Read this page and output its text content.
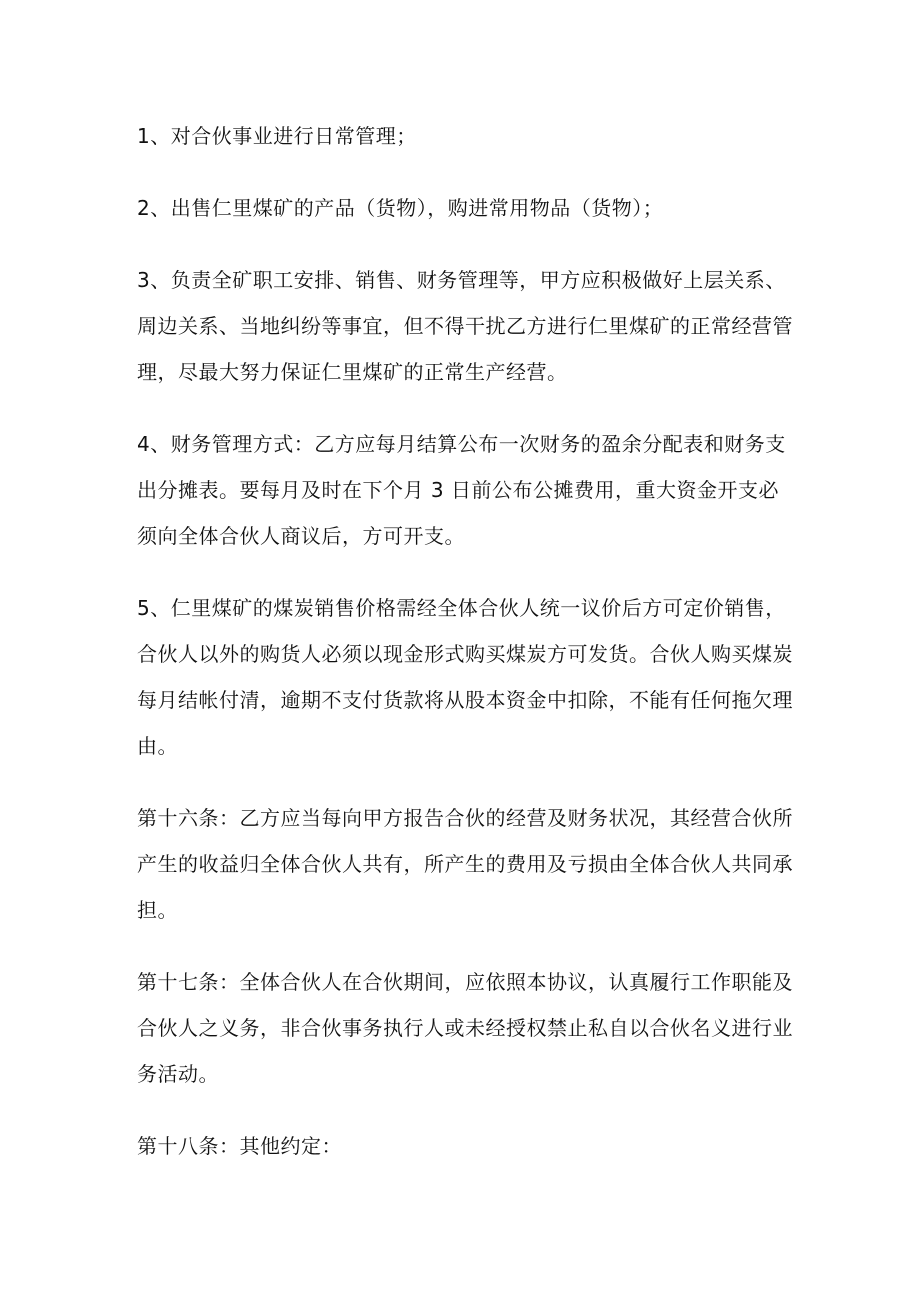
1、对合伙事业进行日常管理；

2、出售仁里煤矿的产品（货物），购进常用物品（货物）；

3、负责全矿职工安排、销售、财务管理等，甲方应积极做好上层关系、周边关系、当地纠纷等事宜，但不得干扰乙方进行仁里煤矿的正常经营管理，尽最大努力保证仁里煤矿的正常生产经营。

4、财务管理方式：乙方应每月结算公布一次财务的盈余分配表和财务支出分摊表。要每月及时在下个月 3 日前公布公摊费用，重大资金开支必须向全体合伙人商议后，方可开支。

5、仁里煤矿的煤炭销售价格需经全体合伙人统一议价后方可定价销售，合伙人以外的购货人必须以现金形式购买煤炭方可发货。合伙人购买煤炭每月结帐付清，逾期不支付货款将从股本资金中扣除，不能有任何拖欠理由。

第十六条：乙方应当每向甲方报告合伙的经营及财务状况，其经营合伙所产生的收益归全体合伙人共有，所产生的费用及亏损由全体合伙人共同承担。

第十七条：全体合伙人在合伙期间，应依照本协议，认真履行工作职能及合伙人之义务，非合伙事务执行人或未经授权禁止私自以合伙名义进行业务活动。

第十八条：其他约定：
